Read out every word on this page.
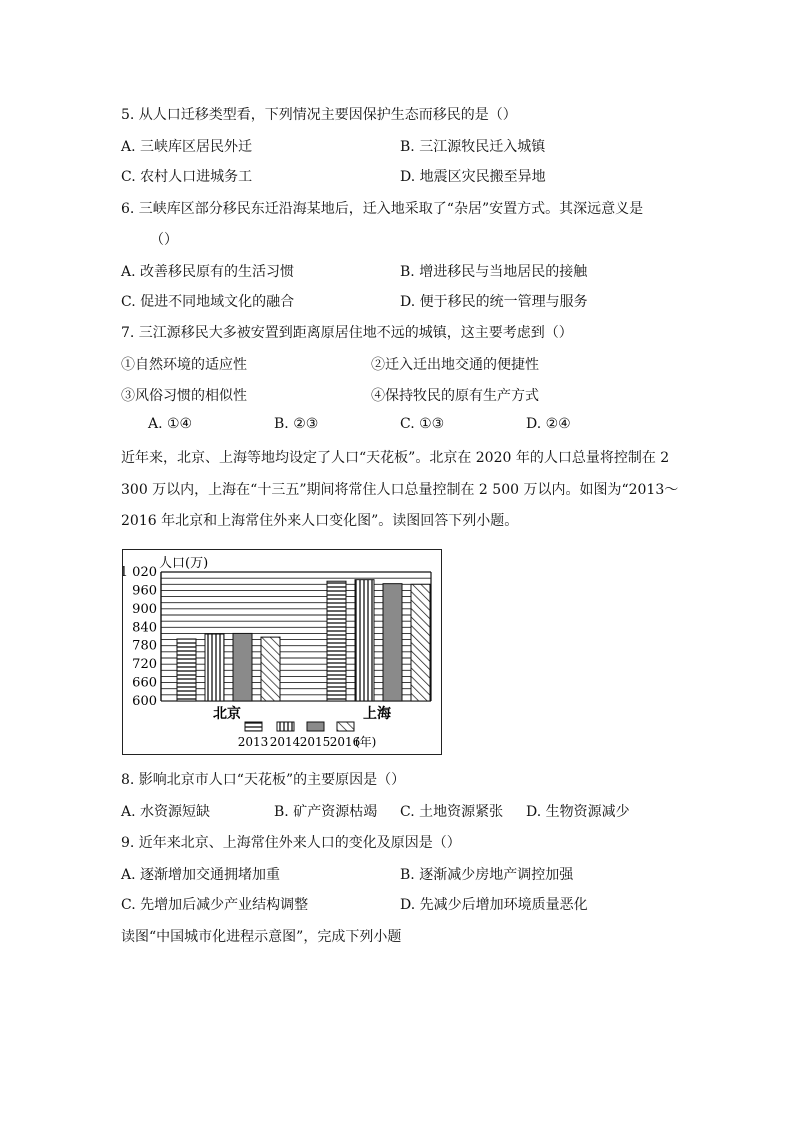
5. 从人口迁移类型看，下列情况主要因保护生态而移民的是（）
A. 三峡库区居民外迁	B. 三江源牧民迁入城镇
C. 农村人口进城务工	D. 地震区灾民搬至异地
6. 三峡库区部分移民东迁沿海某地后，迁入地采取了“杂居”安置方式。其深远意义是
（）
A. 改善移民原有的生活习惯	B. 增进移民与当地居民的接触
C. 促进不同地域文化的融合	D. 便于移民的统一管理与服务
7. 三江源移民大多被安置到距离原居住地不远的城镇，这主要考虑到（）
①自然环境的适应性	②迁入迁出地交通的便捷性
③风俗习惯的相似性	④保持牧民的原有生产方式
A. ①④	B. ②③	C. ①③	D. ②④
近年来，北京、上海等地均设定了人口“天花板”。北京在 2020 年的人口总量将控制在 2
300 万以内，上海在“十三五”期间将常住人口总量控制在 2 500 万以内。如图为“2013～
2016 年北京和上海常住外来人口变化图”。读图回答下列小题。
人口(万)
1 020
960
900
840
780
720
660
600
北京	上海
2013 2014 2015 2016
(年)
8. 影响北京市人口“天花板”的主要原因是（）
A. 水资源短缺	B. 矿产资源枯竭 C. 土地资源紧张 D. 生物资源减少
9. 近年来北京、上海常住外来人口的变化及原因是（）
A. 逐渐增加交通拥堵加重	B. 逐渐减少房地产调控加强
C. 先增加后减少产业结构调整	D. 先减少后增加环境质量恶化
读图“中国城市化进程示意图”，完成下列小题
